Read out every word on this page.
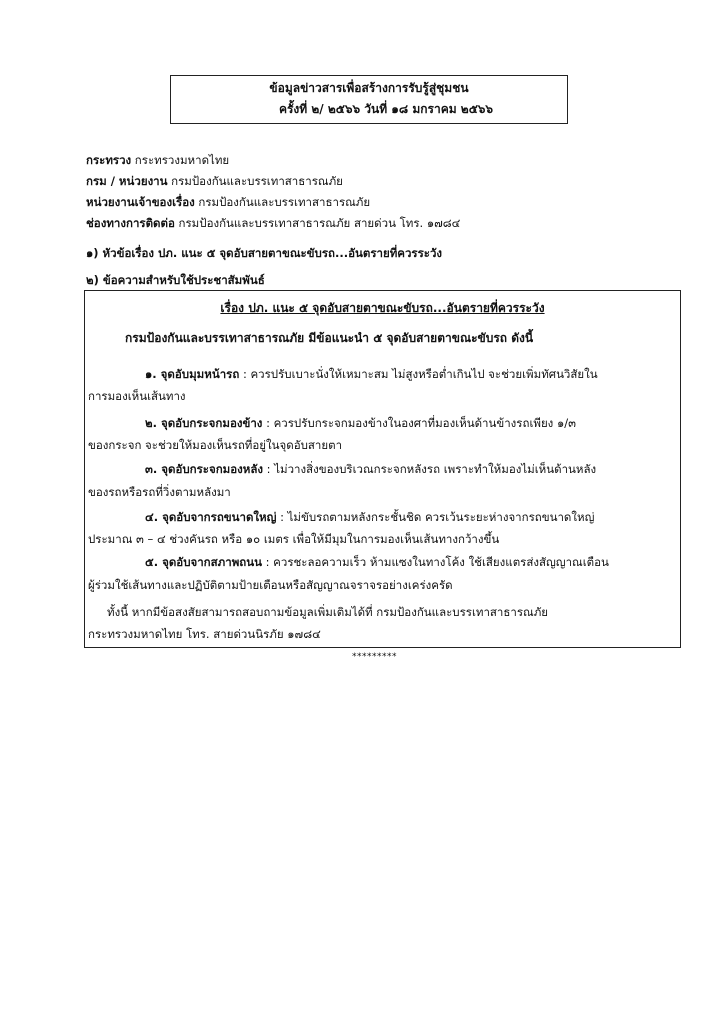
ข้อมูลข่าวสารเพื่อสร้างการรับรู้สู่ชุมชน
ครั้งที่ ๒/ ๒๕๖๖ วันที่ ๑๘ มกราคม ๒๕๖๖
กระทรวง กระทรวงมหาดไทย
กรม / หน่วยงาน กรมป้องกันและบรรเทาสาธารณภัย
หน่วยงานเจ้าของเรื่อง กรมป้องกันและบรรเทาสาธารณภัย
ช่องทางการติดต่อ กรมป้องกันและบรรเทาสาธารณภัย สายด่วน โทร. ๑๗๘๔
๑) หัวข้อเรื่อง ปภ. แนะ ๕ จุดอับสายตาขณะขับรถ...อันตรายที่ควรระวัง
๒) ข้อความสำหรับใช้ประชาสัมพันธ์
เรื่อง ปภ. แนะ ๕ จุดอับสายตาขณะขับรถ...อันตรายที่ควรระวัง
กรมป้องกันและบรรเทาสาธารณภัย มีข้อแนะนำ ๕ จุดอับสายตาขณะขับรถ ดังนี้
๑. จุดอับมุมหน้ารถ : ควรปรับเบาะนั่งให้เหมาะสม ไม่สูงหรือต่ำเกินไป จะช่วยเพิ่มทัศนวิสัยใน
การมองเห็นเส้นทาง
๒. จุดอับกระจกมองข้าง : ควรปรับกระจกมองข้างในองศาที่มองเห็นด้านข้างรถเพียง ๑/๓
ของกระจก จะช่วยให้มองเห็นรถที่อยู่ในจุดอับสายตา
๓. จุดอับกระจกมองหลัง : ไม่วางสิ่งของบริเวณกระจกหลังรถ เพราะทำให้มองไม่เห็นด้านหลัง
ของรถหรือรถที่วิ่งตามหลังมา
๔. จุดอับจากรถขนาดใหญ่ : ไม่ขับรถตามหลังกระชั้นชิด ควรเว้นระยะห่างจากรถขนาดใหญ่
ประมาณ ๓ – ๔ ช่วงคันรถ หรือ ๑๐ เมตร เพื่อให้มีมุมในการมองเห็นเส้นทางกว้างขึ้น
๕. จุดอับจากสภาพถนน : ควรชะลอความเร็ว ห้ามแซงในทางโค้ง ใช้เสียงแตรส่งสัญญาณเตือน
ผู้ร่วมใช้เส้นทางและปฏิบัติตามป้ายเตือนหรือสัญญาณจราจรอย่างเคร่งครัด
ทั้งนี้ หากมีข้อสงสัยสามารถสอบถามข้อมูลเพิ่มเติมได้ที่ กรมป้องกันและบรรเทาสาธารณภัย
กระทรวงมหาดไทย โทร. สายด่วนนิรภัย ๑๗๘๔
*********
